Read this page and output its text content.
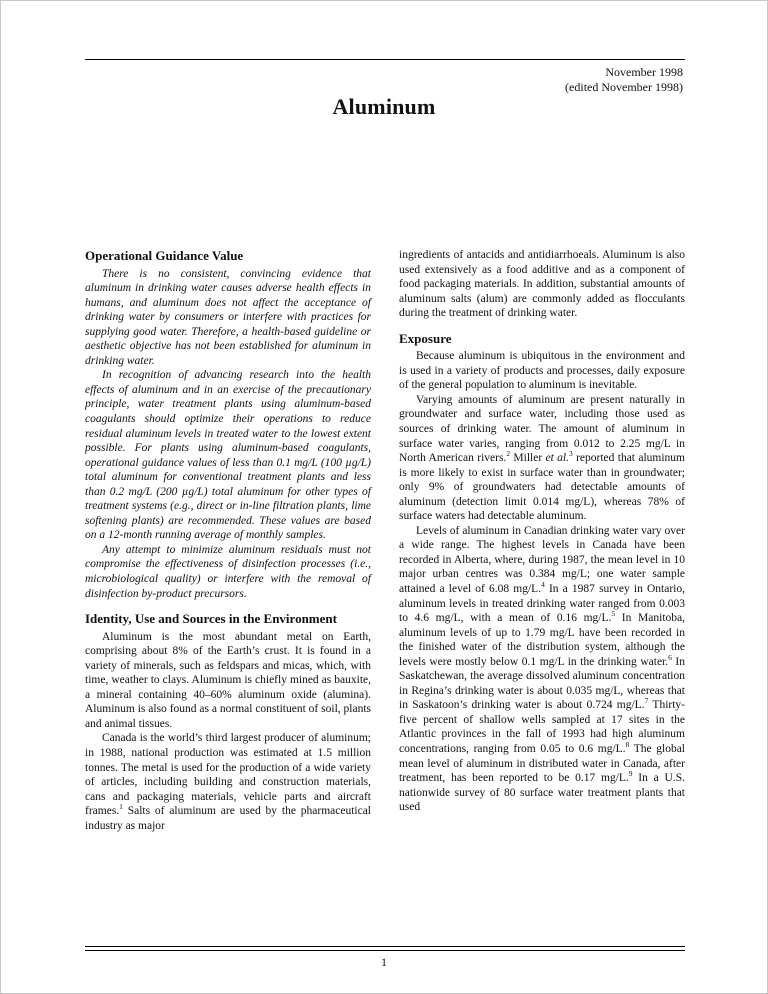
November 1998
(edited November 1998)
Aluminum
Operational Guidance Value

There is no consistent, convincing evidence that aluminum in drinking water causes adverse health effects in humans, and aluminum does not affect the acceptance of drinking water by consumers or interfere with practices for supplying good water. Therefore, a health-based guideline or aesthetic objective has not been established for aluminum in drinking water.

In recognition of advancing research into the health effects of aluminum and in an exercise of the precautionary principle, water treatment plants using aluminum-based coagulants should optimize their operations to reduce residual aluminum levels in treated water to the lowest extent possible. For plants using aluminum-based coagulants, operational guidance values of less than 0.1 mg/L (100 µg/L) total aluminum for conventional treatment plants and less than 0.2 mg/L (200 µg/L) total aluminum for other types of treatment systems (e.g., direct or in-line filtration plants, lime softening plants) are recommended. These values are based on a 12-month running average of monthly samples.

Any attempt to minimize aluminum residuals must not compromise the effectiveness of disinfection processes (i.e., microbiological quality) or interfere with the removal of disinfection by-product precursors.

Identity, Use and Sources in the Environment

Aluminum is the most abundant metal on Earth, comprising about 8% of the Earth’s crust. It is found in a variety of minerals, such as feldspars and micas, which, with time, weather to clays. Aluminum is chiefly mined as bauxite, a mineral containing 40–60% aluminum oxide (alumina). Aluminum is also found as a normal constituent of soil, plants and animal tissues.

Canada is the world’s third largest producer of aluminum; in 1988, national production was estimated at 1.5 million tonnes. The metal is used for the production of a wide variety of articles, including building and construction materials, cans and packaging materials, vehicle parts and aircraft frames.$^1$ Salts of aluminum are used by the pharmaceutical industry as major

ingredients of antacids and antidiarrhoeals. Aluminum is also used extensively as a food additive and as a component of food packaging materials. In addition, substantial amounts of aluminum salts (alum) are commonly added as flocculants during the treatment of drinking water.

Exposure

Because aluminum is ubiquitous in the environment and is used in a variety of products and processes, daily exposure of the general population to aluminum is inevitable.

Varying amounts of aluminum are present naturally in groundwater and surface water, including those used as sources of drinking water. The amount of aluminum in surface water varies, ranging from 0.012 to 2.25 mg/L in North American rivers.$^2$ Miller et al.$^3$ reported that aluminum is more likely to exist in surface water than in groundwater; only 9% of groundwaters had detectable amounts of aluminum (detection limit 0.014 mg/L), whereas 78% of surface waters had detectable aluminum.

Levels of aluminum in Canadian drinking water vary over a wide range. The highest levels in Canada have been recorded in Alberta, where, during 1987, the mean level in 10 major urban centres was 0.384 mg/L; one water sample attained a level of 6.08 mg/L.$^4$ In a 1987 survey in Ontario, aluminum levels in treated drinking water ranged from 0.003 to 4.6 mg/L, with a mean of 0.16 mg/L.$^5$ In Manitoba, aluminum levels of up to 1.79 mg/L have been recorded in the finished water of the distribution system, although the levels were mostly below 0.1 mg/L in the drinking water.$^6$ In Saskatchewan, the average dissolved aluminum concentration in Regina’s drinking water is about 0.035 mg/L, whereas that in Saskatoon’s drinking water is about 0.724 mg/L.$^7$ Thirty-five percent of shallow wells sampled at 17 sites in the Atlantic provinces in the fall of 1993 had high aluminum concentrations, ranging from 0.05 to 0.6 mg/L.$^8$ The global mean level of aluminum in distributed water in Canada, after treatment, has been reported to be 0.17 mg/L.$^9$ In a U.S. nationwide survey of 80 surface water treatment plants that used

1
